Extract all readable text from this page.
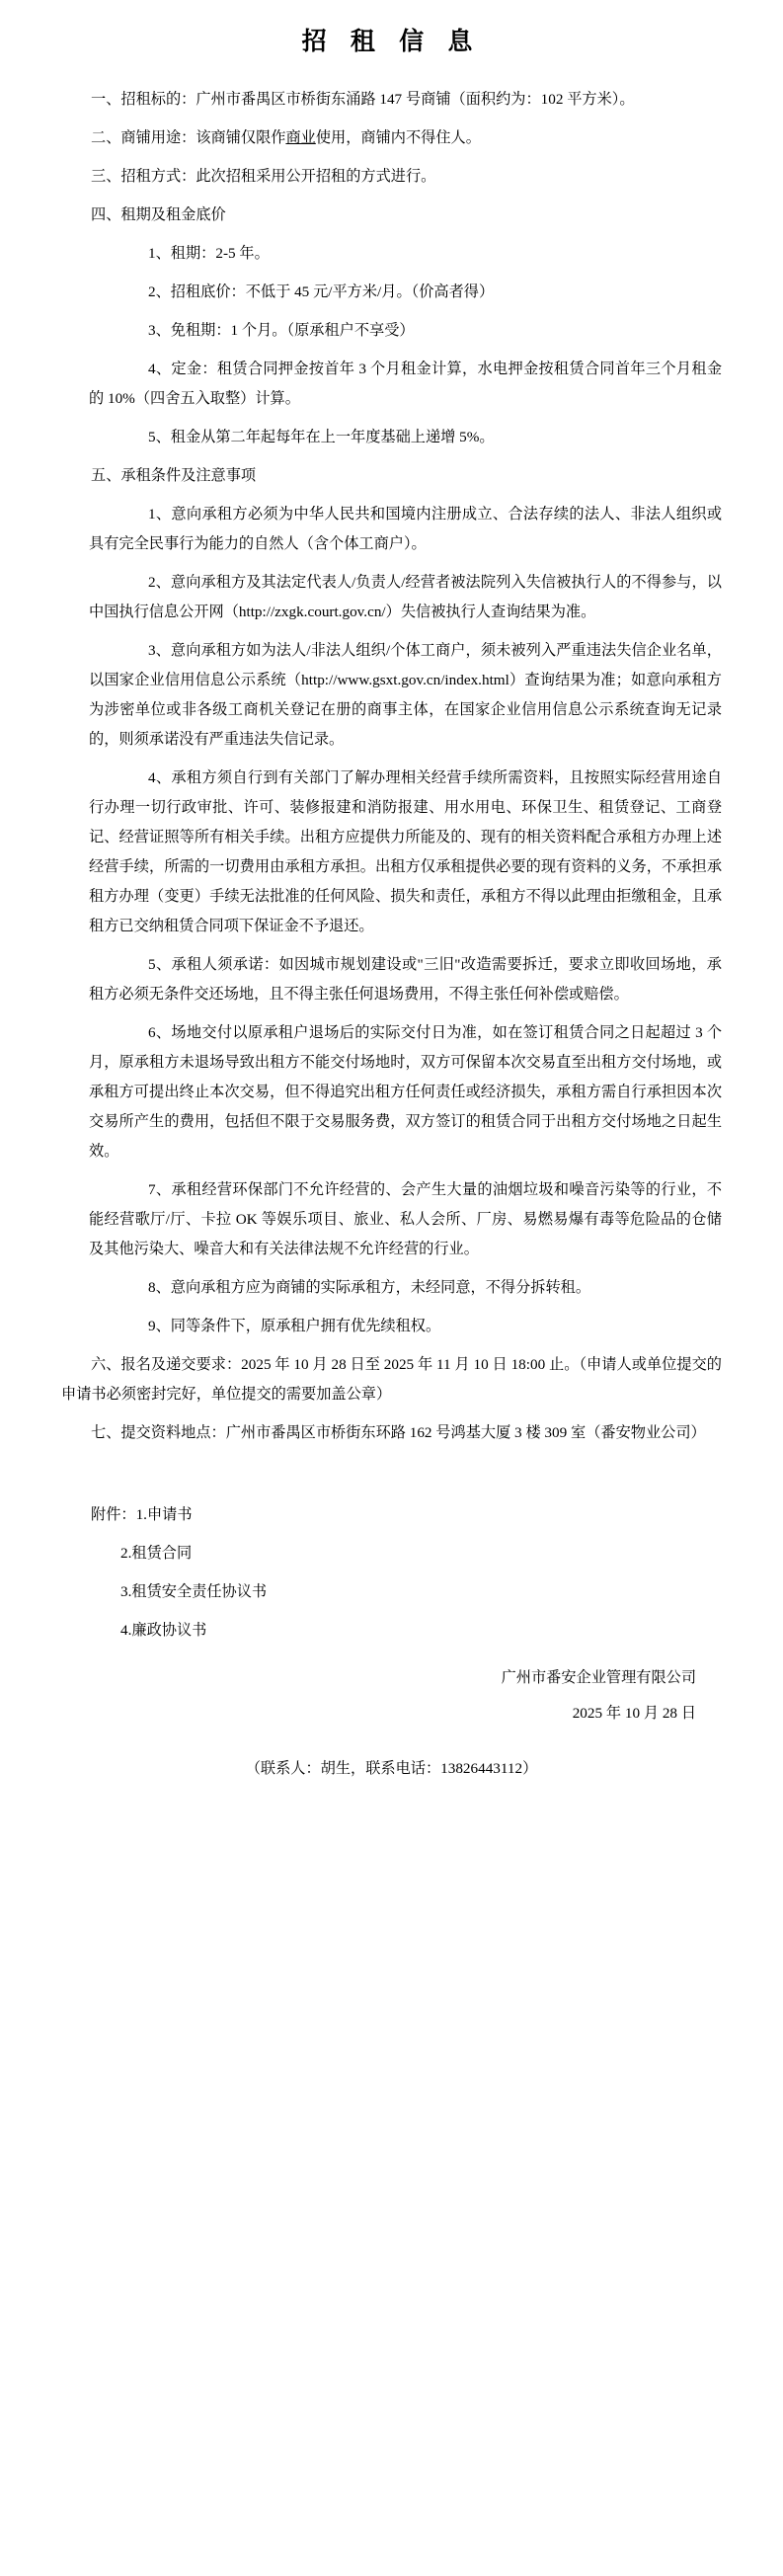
招 租 信 息

一、招租标的：广州市番禺区市桥街东涌路 147 号商铺（面积约为：102 平方米）。

二、商铺用途：该商铺仅限作商业使用，商铺内不得住人。

三、招租方式：此次招租采用公开招租的方式进行。

四、租期及租金底价

1、租期：2-5 年。

2、招租底价：不低于 45 元/平方米/月。（价高者得）

3、免租期：1 个月。（原承租户不享受）

4、定金：租赁合同押金按首年 3 个月租金计算，水电押金按租赁合同首年三个月租金的 10%（四舍五入取整）计算。

5、租金从第二年起每年在上一年度基础上递增 5%。

五、承租条件及注意事项

1、意向承租方必须为中华人民共和国境内注册成立、合法存续的法人、非法人组织或具有完全民事行为能力的自然人（含个体工商户）。

2、意向承租方及其法定代表人/负责人/经营者被法院列入失信被执行人的不得参与，以中国执行信息公开网（http://zxgk.court.gov.cn/）失信被执行人查询结果为准。

3、意向承租方如为法人/非法人组织/个体工商户，须未被列入严重违法失信企业名单，以国家企业信用信息公示系统（http://www.gsxt.gov.cn/index.html）查询结果为准；如意向承租方为涉密单位或非各级工商机关登记在册的商事主体，在国家企业信用信息公示系统查询无记录的，则须承诺没有严重违法失信记录。

4、承租方须自行到有关部门了解办理相关经营手续所需资料，且按照实际经营用途自行办理一切行政审批、许可、装修报建和消防报建、用水用电、环保卫生、租赁登记、工商登记、经营证照等所有相关手续。出租方应提供力所能及的、现有的相关资料配合承租方办理上述经营手续，所需的一切费用由承租方承担。出租方仅承租提供必要的现有资料的义务，不承担承租方办理（变更）手续无法批准的任何风险、损失和责任，承租方不得以此理由拒缴租金，且承租方已交纳租赁合同项下保证金不予退还。

5、承租人须承诺：如因城市规划建设或"三旧"改造需要拆迁，要求立即收回场地，承租方必须无条件交还场地，且不得主张任何退场费用，不得主张任何补偿或赔偿。

6、场地交付以原承租户退场后的实际交付日为准，如在签订租赁合同之日起超过 3 个月，原承租方未退场导致出租方不能交付场地时，双方可保留本次交易直至出租方交付场地，或承租方可提出终止本次交易，但不得追究出租方任何责任或经济损失，承租方需自行承担因本次交易所产生的费用，包括但不限于交易服务费，双方签订的租赁合同于出租方交付场地之日起生效。

7、承租经营环保部门不允许经营的、会产生大量的油烟垃圾和噪音污染等的行业，不能经营歌厅/厅、卡拉 OK 等娱乐项目、旅业、私人会所、厂房、易燃易爆有毒等危险品的仓储及其他污染大、噪音大和有关法律法规不允许经营的行业。

8、意向承租方应为商铺的实际承租方，未经同意，不得分拆转租。

9、同等条件下，原承租户拥有优先续租权。

六、报名及递交要求：2025 年 10 月 28 日至 2025 年 11 月 10 日 18:00 止。（申请人或单位提交的申请书必须密封完好，单位提交的需要加盖公章）

七、提交资料地点：广州市番禺区市桥街东环路 162 号鸿基大厦 3 楼 309 室（番安物业公司）

附件：1.申请书

2.租赁合同

3.租赁安全责任协议书

4.廉政协议书

广州市番安企业管理有限公司

2025 年 10 月 28 日

（联系人：胡生，联系电话：13826443112）
